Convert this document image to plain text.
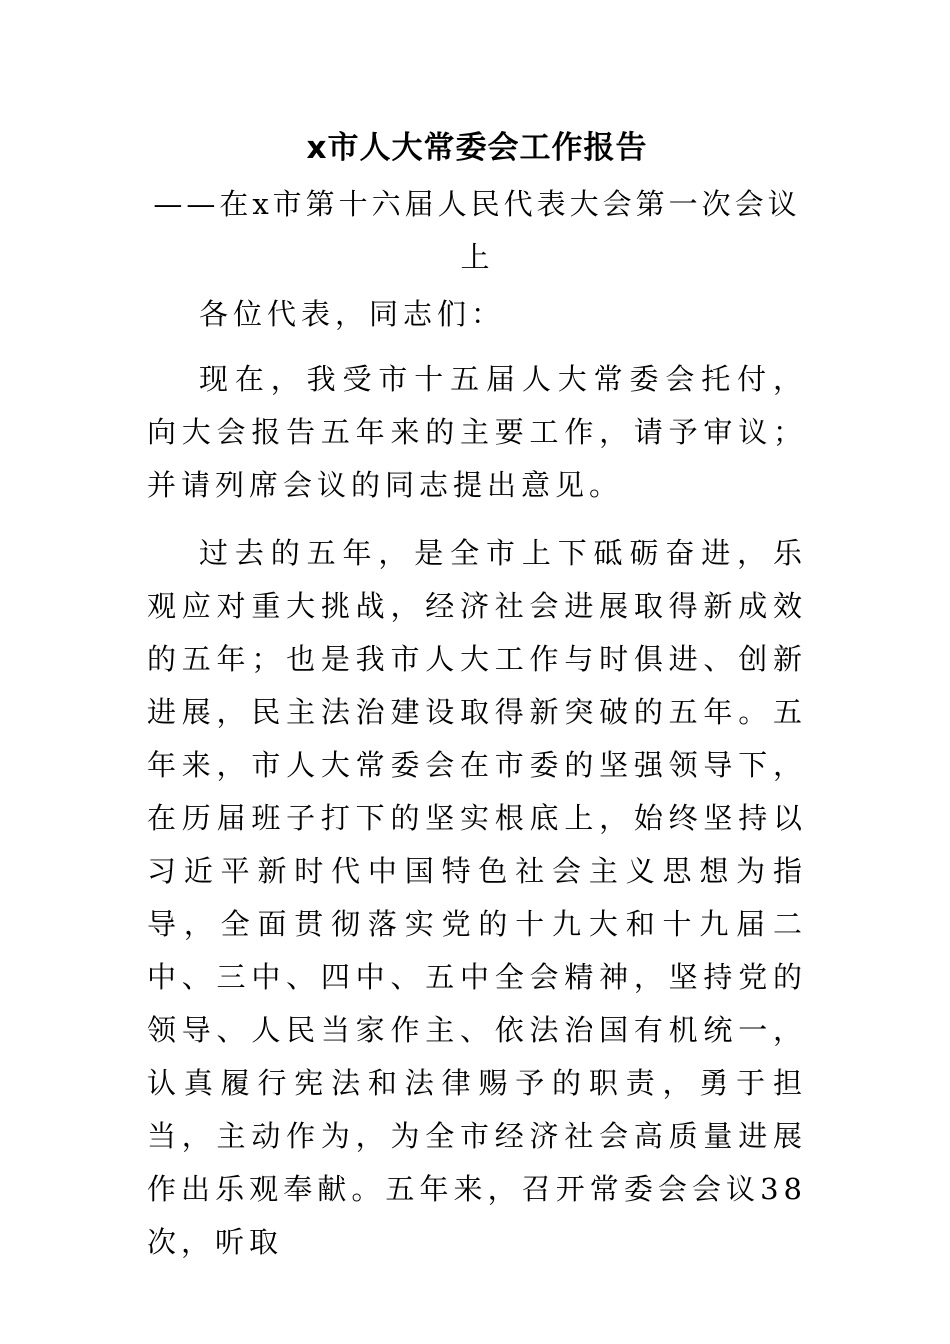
x市人大常委会工作报告

——在x市第十六届人民代表大会第一次会议上

各位代表，同志们：

现在，我受市十五届人大常委会托付，向大会报告五年来的主要工作，请予审议；并请列席会议的同志提出意见。

过去的五年，是全市上下砥砺奋进，乐观应对重大挑战，经济社会进展取得新成效的五年；也是我市人大工作与时俱进、创新进展，民主法治建设取得新突破的五年。五年来，市人大常委会在市委的坚强领导下，在历届班子打下的坚实根底上，始终坚持以习近平新时代中国特色社会主义思想为指导，全面贯彻落实党的十九大和十九届二中、三中、四中、五中全会精神，坚持党的领导、人民当家作主、依法治国有机统一，认真履行宪法和法律赐予的职责，勇于担当，主动作为，为全市经济社会高质量进展作出乐观奉献。五年来，召开常委会会议38次，听取
